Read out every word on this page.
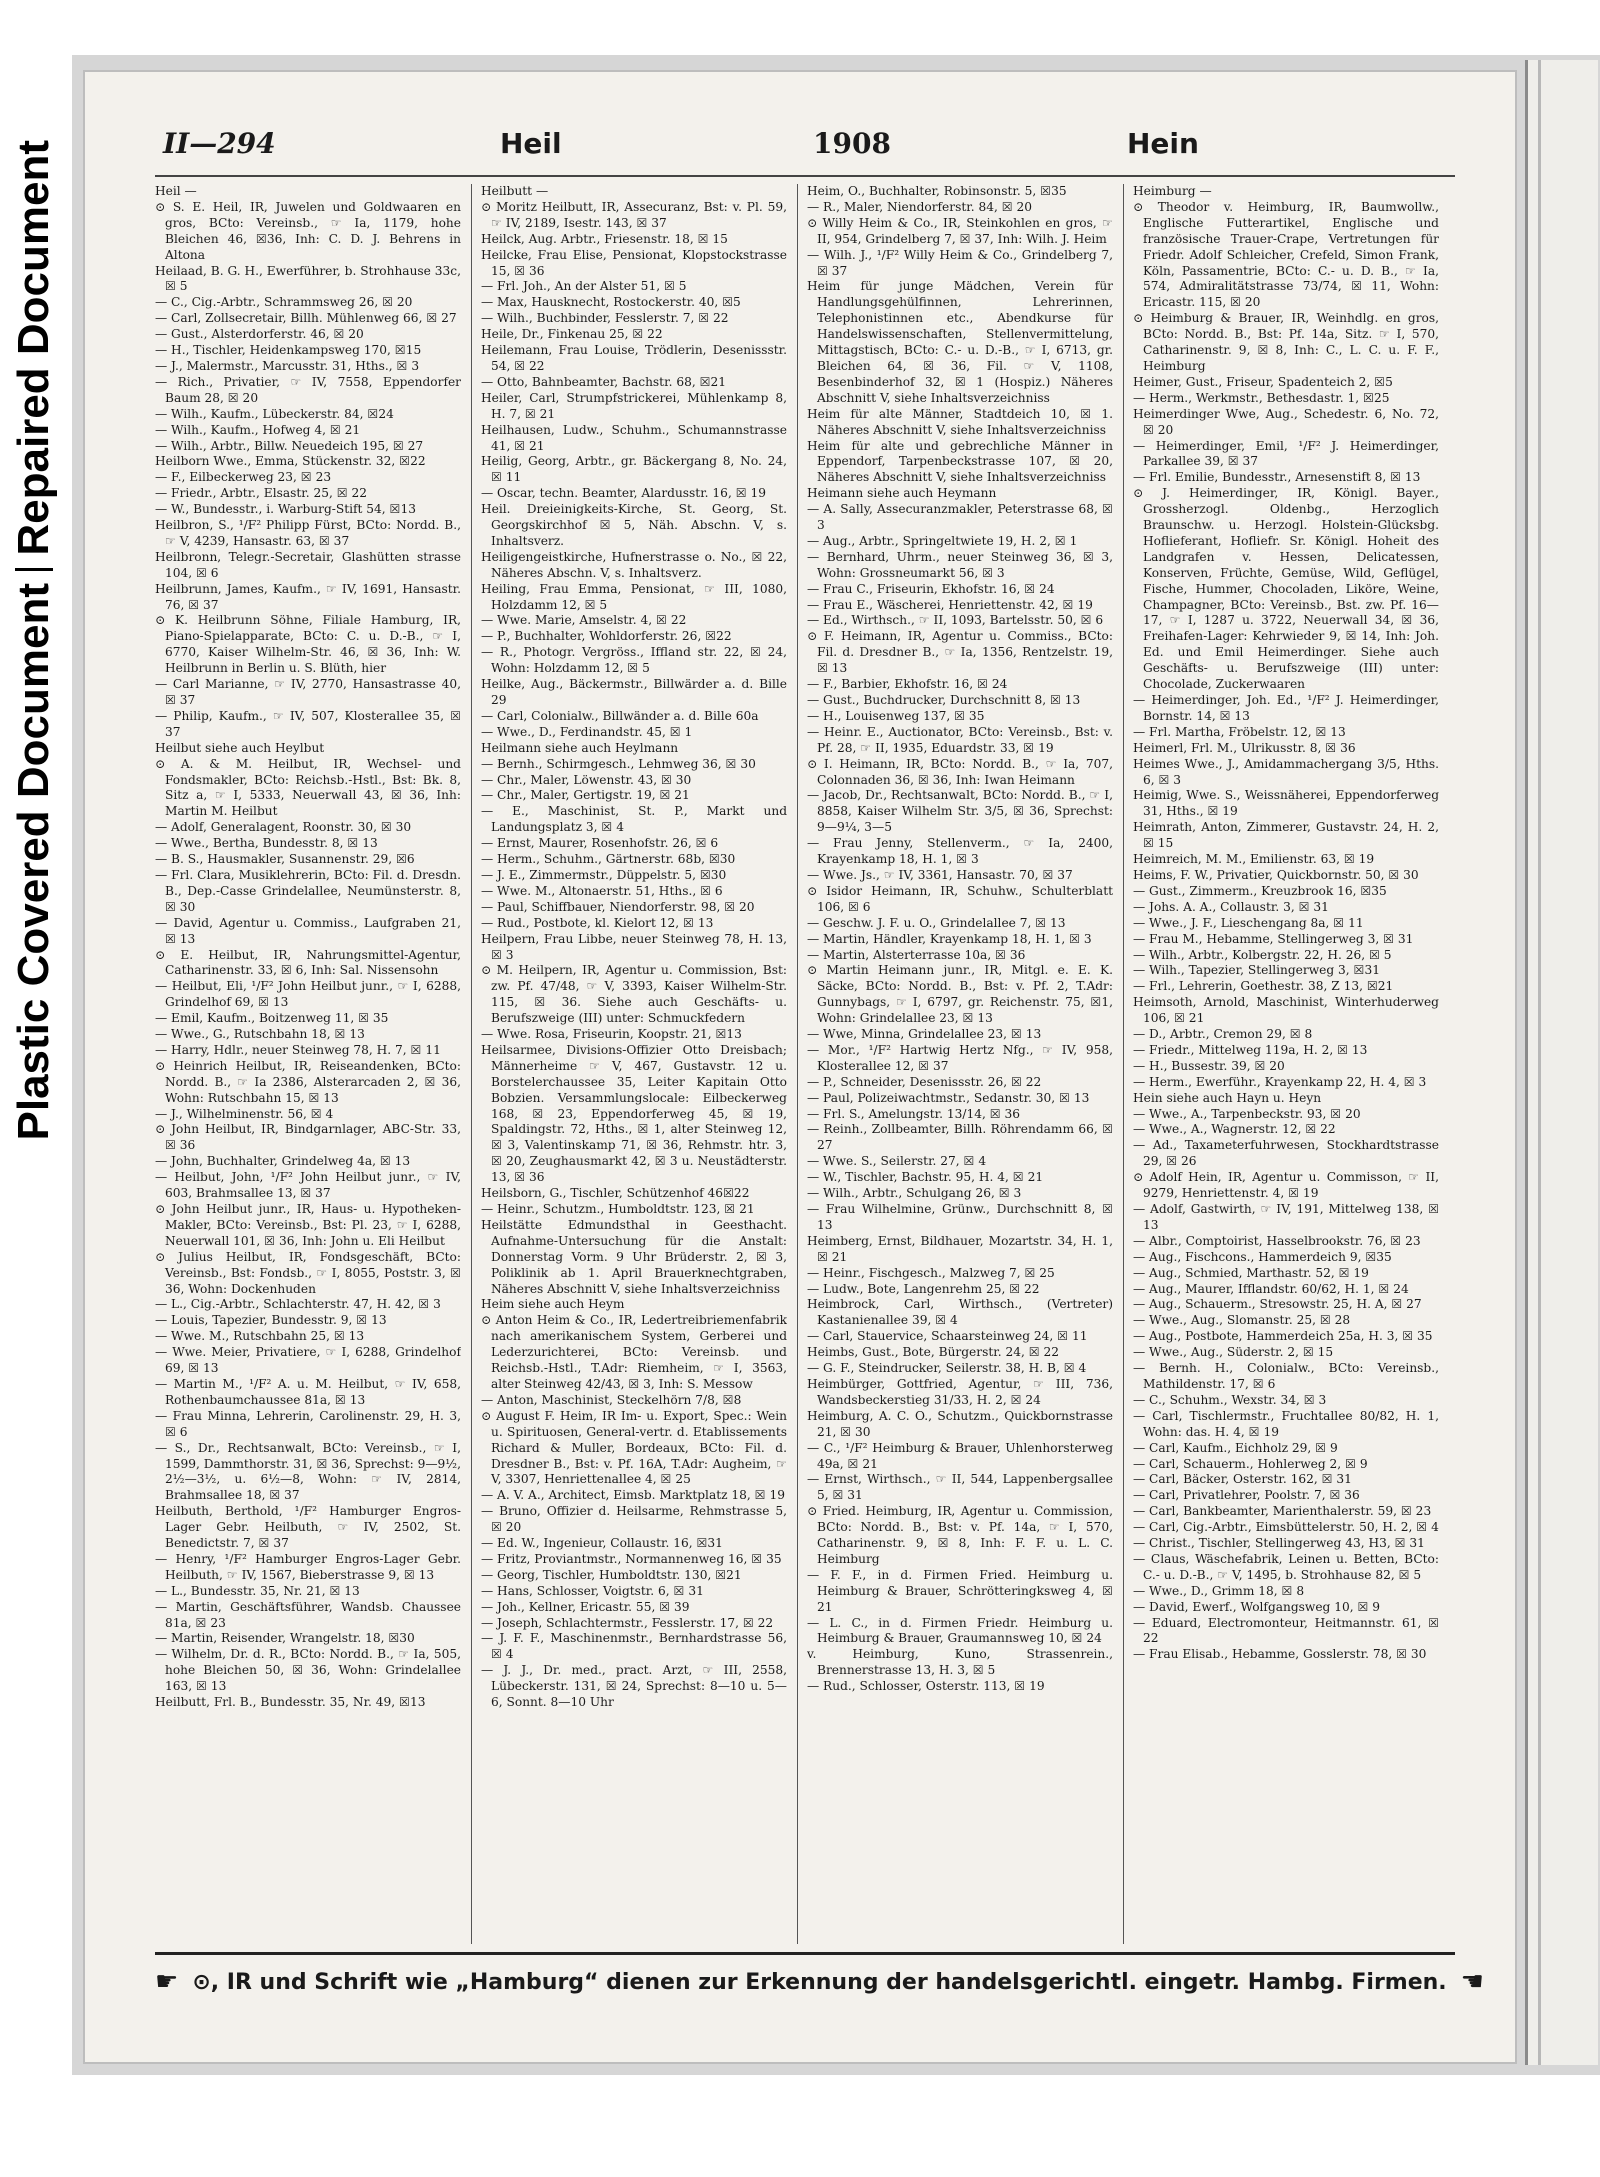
Repaired Document
Plastic Covered Document
II—294	Heil	1908	Hein

Heil —

⊙ S. E. Heil, IR, Juwelen und Goldwaaren en gros, BCto: Vereinsb., ☞ Ia, 1179, hohe Bleichen 46, ☒36, Inh: C. D. J. Behrens in Altona

Heilaad, B. G. H., Ewerführer, b. Strohhause 33c, ☒ 5

— C., Cig.-Arbtr., Schrammsweg 26, ☒ 20

— Carl, Zollsecretair, Billh. Mühlenweg 66, ☒ 27

— Gust., Alsterdorferstr. 46, ☒ 20

— H., Tischler, Heidenkampsweg 170, ☒15

— J., Malermstr., Marcusstr. 31, Hths., ☒ 3

— Rich., Privatier, ☞ IV, 7558, Eppendorfer Baum 28, ☒ 20

— Wilh., Kaufm., Lübeckerstr. 84, ☒24

— Wilh., Kaufm., Hofweg 4, ☒ 21

— Wilh., Arbtr., Billw. Neuedeich 195, ☒ 27

Heilborn Wwe., Emma, Stückenstr. 32, ☒22

— F., Eilbeckerweg 23, ☒ 23

— Friedr., Arbtr., Elsastr. 25, ☒ 22

— W., Bundesstr., i. Warburg-Stift 54, ☒13

Heilbron, S., ¹/F² Philipp Fürst, BCto: Nordd. B., ☞ V, 4239, Hansastr. 63, ☒ 37

Heilbronn, Telegr.-Secretair, Glashütten strasse 104, ☒ 6

Heilbrunn, James, Kaufm., ☞ IV, 1691, Hansastr. 76, ☒ 37

⊙ K. Heilbrunn Söhne, Filiale Hamburg, IR, Piano-Spielapparate, BCto: C. u. D.-B., ☞ I, 6770, Kaiser Wilhelm-Str. 46, ☒ 36, Inh: W. Heilbrunn in Berlin u. S. Blüth, hier

— Carl Marianne, ☞ IV, 2770, Hansastrasse 40, ☒ 37

— Philip, Kaufm., ☞ IV, 507, Klosterallee 35, ☒ 37

Heilbut siehe auch Heylbut

⊙ A. & M. Heilbut, IR, Wechsel- und Fondsmakler, BCto: Reichsb.-Hstl., Bst: Bk. 8, Sitz a, ☞ I, 5333, Neuerwall 43, ☒ 36, Inh: Martin M. Heilbut

— Adolf, Generalagent, Roonstr. 30, ☒ 30

— Wwe., Bertha, Bundesstr. 8, ☒ 13

— B. S., Hausmakler, Susannenstr. 29, ☒6

— Frl. Clara, Musiklehrerin, BCto: Fil. d. Dresdn. B., Dep.-Casse Grindelallee, Neumünsterstr. 8, ☒ 30

— David, Agentur u. Commiss., Laufgraben 21, ☒ 13

⊙ E. Heilbut, IR, Nahrungsmittel-Agentur, Catharinenstr. 33, ☒ 6, Inh: Sal. Nissensohn

— Heilbut, Eli, ¹/F² John Heilbut junr., ☞ I, 6288, Grindelhof 69, ☒ 13

— Emil, Kaufm., Boitzenweg 11, ☒ 35

— Wwe., G., Rutschbahn 18, ☒ 13

— Harry, Hdlr., neuer Steinweg 78, H. 7, ☒ 11

⊙ Heinrich Heilbut, IR, Reiseandenken, BCto: Nordd. B., ☞ Ia 2386, Alsterarcaden 2, ☒ 36, Wohn: Rutschbahn 15, ☒ 13

— J., Wilhelminenstr. 56, ☒ 4

⊙ John Heilbut, IR, Bindgarnlager, ABC-Str. 33, ☒ 36

— John, Buchhalter, Grindelweg 4a, ☒ 13

— Heilbut, John, ¹/F² John Heilbut junr., ☞ IV, 603, Brahmsallee 13, ☒ 37

⊙ John Heilbut junr., IR, Haus- u. Hypotheken-Makler, BCto: Vereinsb., Bst: Pl. 23, ☞ I, 6288, Neuerwall 101, ☒ 36, Inh: John u. Eli Heilbut

⊙ Julius Heilbut, IR, Fondsgeschäft, BCto: Vereinsb., Bst: Fondsb., ☞ I, 8055, Poststr. 3, ☒ 36, Wohn: Dockenhuden

— L., Cig.-Arbtr., Schlachterstr. 47, H. 42, ☒ 3

— Louis, Tapezier, Bundesstr. 9, ☒ 13

— Wwe. M., Rutschbahn 25, ☒ 13

— Wwe. Meier, Privatiere, ☞ I, 6288, Grindelhof 69, ☒ 13

— Martin M., ¹/F² A. u. M. Heilbut, ☞ IV, 658, Rothenbaumchaussee 81a, ☒ 13

— Frau Minna, Lehrerin, Carolinenstr. 29, H. 3, ☒ 6

— S., Dr., Rechtsanwalt, BCto: Vereinsb., ☞ I, 1599, Dammthorstr. 31, ☒ 36, Sprechst: 9—9½, 2½—3½, u. 6½—8, Wohn: ☞ IV, 2814, Brahmsallee 18, ☒ 37

Heilbuth, Berthold, ¹/F² Hamburger Engros-Lager Gebr. Heilbuth, ☞ IV, 2502, St. Benedictstr. 7, ☒ 37

— Henry, ¹/F² Hamburger Engros-Lager Gebr. Heilbuth, ☞ IV, 1567, Bieberstrasse 9, ☒ 13

— L., Bundesstr. 35, Nr. 21, ☒ 13

— Martin, Geschäftsführer, Wandsb. Chaussee 81a, ☒ 23

— Martin, Reisender, Wrangelstr. 18, ☒30

— Wilhelm, Dr. d. R., BCto: Nordd. B., ☞ Ia, 505, hohe Bleichen 50, ☒ 36, Wohn: Grindelallee 163, ☒ 13

Heilbutt, Frl. B., Bundesstr. 35, Nr. 49, ☒13

Heilbutt —

⊙ Moritz Heilbutt, IR, Assecuranz, Bst: v. Pl. 59, ☞ IV, 2189, Isestr. 143, ☒ 37

Heilck, Aug. Arbtr., Friesenstr. 18, ☒ 15

Heilcke, Frau Elise, Pensionat, Klopstockstrasse 15, ☒ 36

— Frl. Joh., An der Alster 51, ☒ 5

— Max, Hausknecht, Rostockerstr. 40, ☒5

— Wilh., Buchbinder, Fesslerstr. 7, ☒ 22

Heile, Dr., Finkenau 25, ☒ 22

Heilemann, Frau Louise, Trödlerin, Desenissstr. 54, ☒ 22

— Otto, Bahnbeamter, Bachstr. 68, ☒21

Heiler, Carl, Strumpfstrickerei, Mühlenkamp 8, H. 7, ☒ 21

Heilhausen, Ludw., Schuhm., Schumannstrasse 41, ☒ 21

Heilig, Georg, Arbtr., gr. Bäckergang 8, No. 24, ☒ 11

— Oscar, techn. Beamter, Alardusstr. 16, ☒ 19

Heil. Dreieinigkeits-Kirche, St. Georg, St. Georgskirchhof ☒ 5, Näh. Abschn. V, s. Inhaltsverz.

Heiligengeistkirche, Hufnerstrasse o. No., ☒ 22, Näheres Abschn. V, s. Inhaltsverz.

Heiling, Frau Emma, Pensionat, ☞ III, 1080, Holzdamm 12, ☒ 5

— Wwe. Marie, Amselstr. 4, ☒ 22

— P., Buchhalter, Wohldorferstr. 26, ☒22

— R., Photogr. Vergröss., Iffland str. 22, ☒ 24, Wohn: Holzdamm 12, ☒ 5

Heilke, Aug., Bäckermstr., Billwärder a. d. Bille 29

— Carl, Colonialw., Billwänder a. d. Bille 60a

— Wwe., D., Ferdinandstr. 45, ☒ 1

Heilmann siehe auch Heylmann

— Bernh., Schirmgesch., Lehmweg 36, ☒ 30

— Chr., Maler, Löwenstr. 43, ☒ 30

— Chr., Maler, Gertigstr. 19, ☒ 21

— E., Maschinist, St. P., Markt und Landungsplatz 3, ☒ 4

— Ernst, Maurer, Rosenhofstr. 26, ☒ 6

— Herm., Schuhm., Gärtnerstr. 68b, ☒30

— J. E., Zimmermstr., Düppelstr. 5, ☒30

— Wwe. M., Altonaerstr. 51, Hths., ☒ 6

— Paul, Schiffbauer, Niendorferstr. 98, ☒ 20

— Rud., Postbote, kl. Kielort 12, ☒ 13

Heilpern, Frau Libbe, neuer Steinweg 78, H. 13, ☒ 3

⊙ M. Heilpern, IR, Agentur u. Commission, Bst: zw. Pf. 47/48, ☞ V, 3393, Kaiser Wilhelm-Str. 115, ☒ 36. Siehe auch Geschäfts- u. Berufszweige (III) unter: Schmuckfedern

— Wwe. Rosa, Friseurin, Koopstr. 21, ☒13

Heilsarmee, Divisions-Offizier Otto Dreisbach; Männerheime ☞ V, 467, Gustavstr. 12 u. Borstelerchaussee 35, Leiter Kapitain Otto Bobzien. Versammlungslocale: Eilbeckerweg 168, ☒ 23, Eppendorferweg 45, ☒ 19, Spaldingstr. 72, Hths., ☒ 1, alter Steinweg 12, ☒ 3, Valentinskamp 71, ☒ 36, Rehmstr. htr. 3, ☒ 20, Zeughausmarkt 42, ☒ 3 u. Neustädterstr. 13, ☒ 36

Heilsborn, G., Tischler, Schützenhof 46☒22

— Heinr., Schutzm., Humboldtstr. 123, ☒ 21

Heilstätte Edmundsthal in Geesthacht. Aufnahme-Untersuchung für die Anstalt: Donnerstag Vorm. 9 Uhr Brüderstr. 2, ☒ 3, Poliklinik ab 1. April Brauerknechtgraben, Näheres Abschnitt V, siehe Inhaltsverzeichniss

Heim siehe auch Heym

⊙ Anton Heim & Co., IR, Ledertreibriemenfabrik nach amerikanischem System, Gerberei und Lederzurichterei, BCto: Vereinsb. und Reichsb.-Hstl., T.Adr: Riemheim, ☞ I, 3563, alter Steinweg 42/43, ☒ 3, Inh: S. Messow

— Anton, Maschinist, Steckelhörn 7/8, ☒8

⊙ August F. Heim, IR Im- u. Export, Spec.: Wein u. Spirituosen, General-vertr. d. Etablissements Richard & Muller, Bordeaux, BCto: Fil. d. Dresdner B., Bst: v. Pf. 16A, T.Adr: Augheim, ☞ V, 3307, Henriettenallee 4, ☒ 25

— A. V. A., Architect, Eimsb. Marktplatz 18, ☒ 19

— Bruno, Offizier d. Heilsarme, Rehmstrasse 5, ☒ 20

— Ed. W., Ingenieur, Collaustr. 16, ☒31

— Fritz, Proviantmstr., Normannenweg 16, ☒ 35

— Georg, Tischler, Humboldtstr. 130, ☒21

— Hans, Schlosser, Voigtstr. 6, ☒ 31

— Joh., Kellner, Ericastr. 55, ☒ 39

— Joseph, Schlachtermstr., Fesslerstr. 17, ☒ 22

— J. F. F., Maschinenmstr., Bernhardstrasse 56, ☒ 4

— J. J., Dr. med., pract. Arzt, ☞ III, 2558, Lübeckerstr. 131, ☒ 24, Sprechst: 8—10 u. 5—6, Sonnt. 8—10 Uhr

Heim, O., Buchhalter, Robinsonstr. 5, ☒35

— R., Maler, Niendorferstr. 84, ☒ 20

⊙ Willy Heim & Co., IR, Steinkohlen en gros, ☞ II, 954, Grindelberg 7, ☒ 37, Inh: Wilh. J. Heim

— Wilh. J., ¹/F² Willy Heim & Co., Grindelberg 7, ☒ 37

Heim für junge Mädchen, Verein für Handlungsgehülfinnen, Lehrerinnen, Telephonistinnen etc., Abendkurse für Handelswissenschaften, Stellenvermittelung, Mittagstisch, BCto: C.- u. D.-B., ☞ I, 6713, gr. Bleichen 64, ☒ 36, Fil. ☞ V, 1108, Besenbinderhof 32, ☒ 1 (Hospiz.) Näheres Abschnitt V, siehe Inhaltsverzeichniss

Heim für alte Männer, Stadtdeich 10, ☒ 1. Näheres Abschnitt V, siehe Inhaltsverzeichniss

Heim für alte und gebrechliche Männer in Eppendorf, Tarpenbeckstrasse 107, ☒ 20, Näheres Abschnitt V, siehe Inhaltsverzeichniss

Heimann siehe auch Heymann

— A. Sally, Assecuranzmakler, Peterstrasse 68, ☒ 3

— Aug., Arbtr., Springeltwiete 19, H. 2, ☒ 1

— Bernhard, Uhrm., neuer Steinweg 36, ☒ 3, Wohn: Grossneumarkt 56, ☒ 3

— Frau C., Friseurin, Ekhofstr. 16, ☒ 24

— Frau E., Wäscherei, Henriettenstr. 42, ☒ 19

— Ed., Wirthsch., ☞ II, 1093, Bartelsstr. 50, ☒ 6

⊙ F. Heimann, IR, Agentur u. Commiss., BCto: Fil. d. Dresdner B., ☞ Ia, 1356, Rentzelstr. 19, ☒ 13

— F., Barbier, Ekhofstr. 16, ☒ 24

— Gust., Buchdrucker, Durchschnitt 8, ☒ 13

— H., Louisenweg 137, ☒ 35

— Heinr. E., Auctionator, BCto: Vereinsb., Bst: v. Pf. 28, ☞ II, 1935, Eduardstr. 33, ☒ 19

⊙ I. Heimann, IR, BCto: Nordd. B., ☞ Ia, 707, Colonnaden 36, ☒ 36, Inh: Iwan Heimann

— Jacob, Dr., Rechtsanwalt, BCto: Nordd. B., ☞ I, 8858, Kaiser Wilhelm Str. 3/5, ☒ 36, Sprechst: 9—9¼, 3—5

— Frau Jenny, Stellenverm., ☞ Ia, 2400, Krayenkamp 18, H. 1, ☒ 3

— Wwe. Js., ☞ IV, 3361, Hansastr. 70, ☒ 37

⊙ Isidor Heimann, IR, Schuhw., Schulterblatt 106, ☒ 6

— Geschw. J. F. u. O., Grindelallee 7, ☒ 13

— Martin, Händler, Krayenkamp 18, H. 1, ☒ 3

— Martin, Alsterterrasse 10a, ☒ 36

⊙ Martin Heimann junr., IR, Mitgl. e. E. K. Säcke, BCto: Nordd. B., Bst: v. Pf. 2, T.Adr: Gunnybags, ☞ I, 6797, gr. Reichenstr. 75, ☒1, Wohn: Grindelallee 23, ☒ 13

— Wwe, Minna, Grindelallee 23, ☒ 13

— Mor., ¹/F² Hartwig Hertz Nfg., ☞ IV, 958, Klosterallee 12, ☒ 37

— P., Schneider, Desenissstr. 26, ☒ 22

— Paul, Polizeiwachtmstr., Sedanstr. 30, ☒ 13

— Frl. S., Amelungstr. 13/14, ☒ 36

— Reinh., Zollbeamter, Billh. Röhrendamm 66, ☒ 27

— Wwe. S., Seilerstr. 27, ☒ 4

— W., Tischler, Bachstr. 95, H. 4, ☒ 21

— Wilh., Arbtr., Schulgang 26, ☒ 3

— Frau Wilhelmine, Grünw., Durchschnitt 8, ☒ 13

Heimberg, Ernst, Bildhauer, Mozartstr. 34, H. 1, ☒ 21

— Heinr., Fischgesch., Malzweg 7, ☒ 25

— Ludw., Bote, Langenrehm 25, ☒ 22

Heimbrock, Carl, Wirthsch., (Vertreter) Kastanienallee 39, ☒ 4

— Carl, Stauervice, Schaarsteinweg 24, ☒ 11

Heimbs, Gust., Bote, Bürgerstr. 24, ☒ 22

— G. F., Steindrucker, Seilerstr. 38, H. B, ☒ 4

Heimbürger, Gottfried, Agentur, ☞ III, 736, Wandsbeckerstieg 31/33, H. 2, ☒ 24

Heimburg, A. C. O., Schutzm., Quickbornstrasse 21, ☒ 30

— C., ¹/F² Heimburg & Brauer, Uhlenhorsterweg 49a, ☒ 21

— Ernst, Wirthsch., ☞ II, 544, Lappenbergsallee 5, ☒ 31

⊙ Fried. Heimburg, IR, Agentur u. Commission, BCto: Nordd. B., Bst: v. Pf. 14a, ☞ I, 570, Catharinenstr. 9, ☒ 8, Inh: F. F. u. L. C. Heimburg

— F. F., in d. Firmen Fried. Heimburg u. Heimburg & Brauer, Schrötteringksweg 4, ☒ 21

— L. C., in d. Firmen Friedr. Heimburg u. Heimburg & Brauer, Graumannsweg 10, ☒ 24

v. Heimburg, Kuno, Strassenrein., Brennerstrasse 13, H. 3, ☒ 5

— Rud., Schlosser, Osterstr. 113, ☒ 19

Heimburg —

⊙ Theodor v. Heimburg, IR, Baumwollw., Englische Futterartikel, Englische und französische Trauer-Crape, Vertretungen für Friedr. Adolf Schleicher, Crefeld, Simon Frank, Köln, Passamentrie, BCto: C.- u. D. B., ☞ Ia, 574, Admiralitätstrasse 73/74, ☒ 11, Wohn: Ericastr. 115, ☒ 20

⊙ Heimburg & Brauer, IR, Weinhdlg. en gros, BCto: Nordd. B., Bst: Pf. 14a, Sitz. ☞ I, 570, Catharinenstr. 9, ☒ 8, Inh: C., L. C. u. F. F., Heimburg

Heimer, Gust., Friseur, Spadenteich 2, ☒5

— Herm., Werkmstr., Bethesdastr. 1, ☒25

Heimerdinger Wwe, Aug., Schedestr. 6, No. 72, ☒ 20

— Heimerdinger, Emil, ¹/F² J. Heimerdinger, Parkallee 39, ☒ 37

— Frl. Emilie, Bundesstr., Arnesenstift 8, ☒ 13

⊙ J. Heimerdinger, IR, Königl. Bayer., Grossherzogl. Oldenbg., Herzoglich Braunschw. u. Herzogl. Holstein-Glücksbg. Hoflieferant, Hofliefr. Sr. Königl. Hoheit des Landgrafen v. Hessen, Delicatessen, Konserven, Früchte, Gemüse, Wild, Geflügel, Fische, Hummer, Chocoladen, Liköre, Weine, Champagner, BCto: Vereinsb., Bst. zw. Pf. 16—17, ☞ I, 1287 u. 3722, Neuerwall 34, ☒ 36, Freihafen-Lager: Kehrwieder 9, ☒ 14, Inh: Joh. Ed. und Emil Heimerdinger. Siehe auch Geschäfts- u. Berufszweige (III) unter: Chocolade, Zuckerwaaren

— Heimerdinger, Joh. Ed., ¹/F² J. Heimerdinger, Bornstr. 14, ☒ 13

— Frl. Martha, Fröbelstr. 12, ☒ 13

Heimerl, Frl. M., Ulrikusstr. 8, ☒ 36

Heimes Wwe., J., Amidammachergang 3/5, Hths. 6, ☒ 3

Heimig, Wwe. S., Weissnäherei, Eppendorferweg 31, Hths., ☒ 19

Heimrath, Anton, Zimmerer, Gustavstr. 24, H. 2, ☒ 15

Heimreich, M. M., Emilienstr. 63, ☒ 19

Heims, F. W., Privatier, Quickbornstr. 50, ☒ 30

— Gust., Zimmerm., Kreuzbrook 16, ☒35

— Johs. A. A., Collaustr. 3, ☒ 31

— Wwe., J. F., Lieschengang 8a, ☒ 11

— Frau M., Hebamme, Stellingerweg 3, ☒ 31

— Wilh., Arbtr., Kolbergstr. 22, H. 26, ☒ 5

— Wilh., Tapezier, Stellingerweg 3, ☒31

— Frl., Lehrerin, Goethestr. 38, Z 13, ☒21

Heimsoth, Arnold, Maschinist, Winterhuderweg 106, ☒ 21

— D., Arbtr., Cremon 29, ☒ 8

— Friedr., Mittelweg 119a, H. 2, ☒ 13

— H., Bussestr. 39, ☒ 20

— Herm., Ewerführ., Krayenkamp 22, H. 4, ☒ 3

Hein siehe auch Hayn u. Heyn

— Wwe., A., Tarpenbeckstr. 93, ☒ 20

— Wwe., A., Wagnerstr. 12, ☒ 22

— Ad., Taxameterfuhrwesen, Stockhardtstrasse 29, ☒ 26

⊙ Adolf Hein, IR, Agentur u. Commisson, ☞ II, 9279, Henriettenstr. 4, ☒ 19

— Adolf, Gastwirth, ☞ IV, 191, Mittelweg 138, ☒ 13

— Albr., Comptoirist, Hasselbrookstr. 76, ☒ 23

— Aug., Fischcons., Hammerdeich 9, ☒35

— Aug., Schmied, Marthastr. 52, ☒ 19

— Aug., Maurer, Ifflandstr. 60/62, H. 1, ☒ 24

— Aug., Schauerm., Stresowstr. 25, H. A, ☒ 27

— Wwe., Aug., Slomanstr. 25, ☒ 28

— Aug., Postbote, Hammerdeich 25a, H. 3, ☒ 35

— Wwe., Aug., Süderstr. 2, ☒ 15

— Bernh. H., Colonialw., BCto: Vereinsb., Mathildenstr. 17, ☒ 6

— C., Schuhm., Wexstr. 34, ☒ 3

— Carl, Tischlermstr., Fruchtallee 80/82, H. 1, Wohn: das. H. 4, ☒ 19

— Carl, Kaufm., Eichholz 29, ☒ 9

— Carl, Schauerm., Hohlerweg 2, ☒ 9

— Carl, Bäcker, Osterstr. 162, ☒ 31

— Carl, Privatlehrer, Poolstr. 7, ☒ 36

— Carl, Bankbeamter, Marienthalerstr. 59, ☒ 23

— Carl, Cig.-Arbtr., Eimsbüttelerstr. 50, H. 2, ☒ 4

— Christ., Tischler, Stellingerweg 43, H3, ☒ 31

— Claus, Wäschefabrik, Leinen u. Betten, BCto: C.- u. D.-B., ☞ V, 1495, b. Strohhause 82, ☒ 5

— Wwe., D., Grimm 18, ☒ 8

— David, Ewerf., Wolfgangsweg 10, ☒ 9

— Eduard, Electromonteur, Heitmannstr. 61, ☒ 22

— Frau Elisab., Hebamme, Gosslerstr. 78, ☒ 30

☛ ⊙, IR und Schrift wie „Hamburg“ dienen zur Erkennung der handelsgerichtl. eingetr. Hambg. Firmen. ☚
